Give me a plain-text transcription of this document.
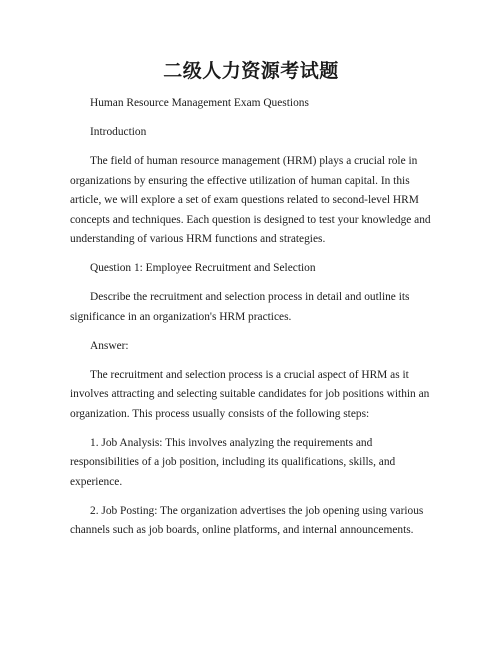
二级人力资源考试题

Human Resource Management Exam Questions

Introduction

The field of human resource management (HRM) plays a crucial role in organizations by ensuring the effective utilization of human capital. In this article, we will explore a set of exam questions related to second-level HRM concepts and techniques. Each question is designed to test your knowledge and understanding of various HRM functions and strategies.

Question 1: Employee Recruitment and Selection

Describe the recruitment and selection process in detail and outline its significance in an organization's HRM practices.

Answer:

The recruitment and selection process is a crucial aspect of HRM as it involves attracting and selecting suitable candidates for job positions within an organization. This process usually consists of the following steps:

1. Job Analysis: This involves analyzing the requirements and responsibilities of a job position, including its qualifications, skills, and experience.

2. Job Posting: The organization advertises the job opening using various channels such as job boards, online platforms, and internal announcements.
